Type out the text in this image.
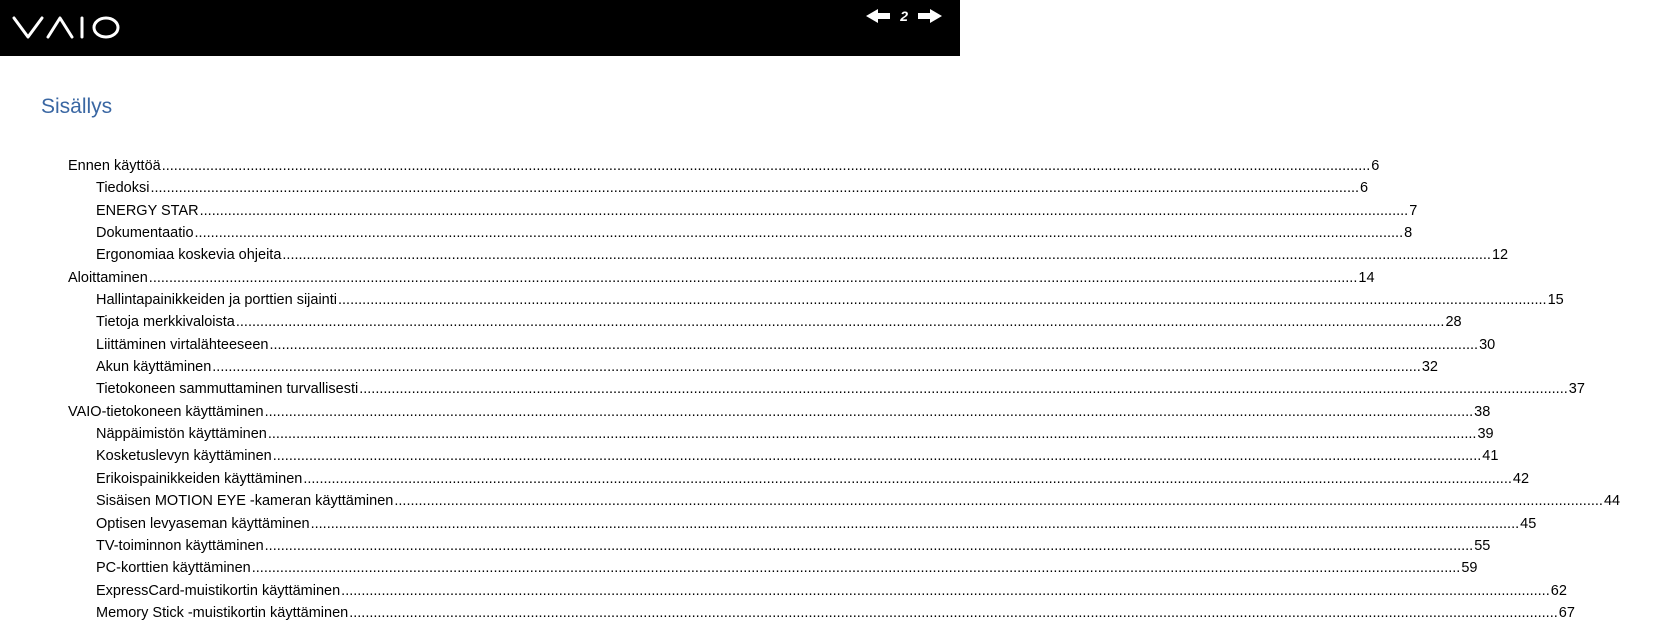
2
Sisällys
Ennen käyttöä ............................................................................................................................................................................................................................................................................................................ 6
Tiedoksi ............................................................................................................................................................................................................................................................................................................ 6
ENERGY STAR ............................................................................................................................................................................................................................................................................................................ 7
Dokumentaatio ............................................................................................................................................................................................................................................................................................................ 8
Ergonomiaa koskevia ohjeita ............................................................................................................................................................................................................................................................................................................ 12
Aloittaminen ............................................................................................................................................................................................................................................................................................................ 14
Hallintapainikkeiden ja porttien sijainti ............................................................................................................................................................................................................................................................................................................ 15
Tietoja merkkivaloista ............................................................................................................................................................................................................................................................................................................ 28
Liittäminen virtalähteeseen ............................................................................................................................................................................................................................................................................................................ 30
Akun käyttäminen ............................................................................................................................................................................................................................................................................................................ 32
Tietokoneen sammuttaminen turvallisesti ............................................................................................................................................................................................................................................................................................................ 37
VAIO-tietokoneen käyttäminen ............................................................................................................................................................................................................................................................................................................ 38
Näppäimistön käyttäminen ............................................................................................................................................................................................................................................................................................................ 39
Kosketuslevyn käyttäminen ............................................................................................................................................................................................................................................................................................................ 41
Erikoispainikkeiden käyttäminen ............................................................................................................................................................................................................................................................................................................ 42
Sisäisen MOTION EYE -kameran käyttäminen ............................................................................................................................................................................................................................................................................................................ 44
Optisen levyaseman käyttäminen ............................................................................................................................................................................................................................................................................................................ 45
TV-toiminnon käyttäminen ............................................................................................................................................................................................................................................................................................................ 55
PC-korttien käyttäminen ............................................................................................................................................................................................................................................................................................................ 59
ExpressCard-muistikortin käyttäminen ............................................................................................................................................................................................................................................................................................................ 62
Memory Stick -muistikortin käyttäminen ............................................................................................................................................................................................................................................................................................................ 67
